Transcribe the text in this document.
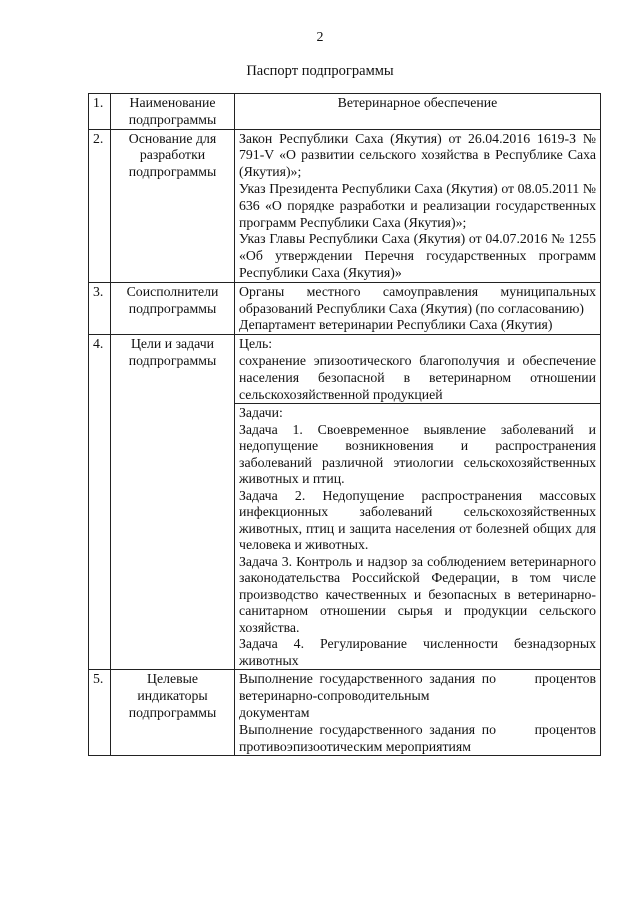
2
Паспорт подпрограммы
1.	Наименование подпрограммы	Ветеринарное обеспечение
2.	Основание для разработки подпрограммы	Закон Республики Саха (Якутия) от 26.04.2016 1619-З № 791-V «О развитии сельского хозяйства в Республике Саха (Якутия)»;
Указ Президента Республики Саха (Якутия) от 08.05.2011 № 636 «О порядке разработки и реализации государственных программ Республики Саха (Якутия)»;
Указ Главы Республики Саха (Якутия) от 04.07.2016 № 1255 «Об утверждении Перечня государственных программ Республики Саха (Якутия)»

3.	Соисполнители подпрограммы	Органы местного самоуправления муниципальных образований Республики Саха (Якутия) (по согласованию)
Департамент ветеринарии Республики Саха (Якутия)

4.	Цели и задачи подпрограммы	Цель:
сохранение эпизоотического благополучия и обеспечение населения безопасной в ветеринарном отношении сельскохозяйственной продукцией

		Задачи:
Задача 1. Своевременное выявление заболеваний и недопущение возникновения и распространения заболеваний различной этиологии сельскохозяйственных животных и птиц.
Задача 2. Недопущение распространения массовых инфекционных заболеваний сельскохозяйственных животных, птиц и защита населения от болезней общих для человека и животных.
Задача 3. Контроль и надзор за соблюдением ветеринарного законодательства Российской Федерации, в том числе производство качественных и безопасных в ветеринарно-санитарном отношении сырья и продукции сельского хозяйства.
Задача 4. Регулирование численности безнадзорных животных

5.	Целевые индикаторы подпрограммы	Выполнение государственного задания по ветеринарно-сопроводительным документам
процентов
Выполнение государственного задания по противоэпизоотическим мероприятиям
процентов
